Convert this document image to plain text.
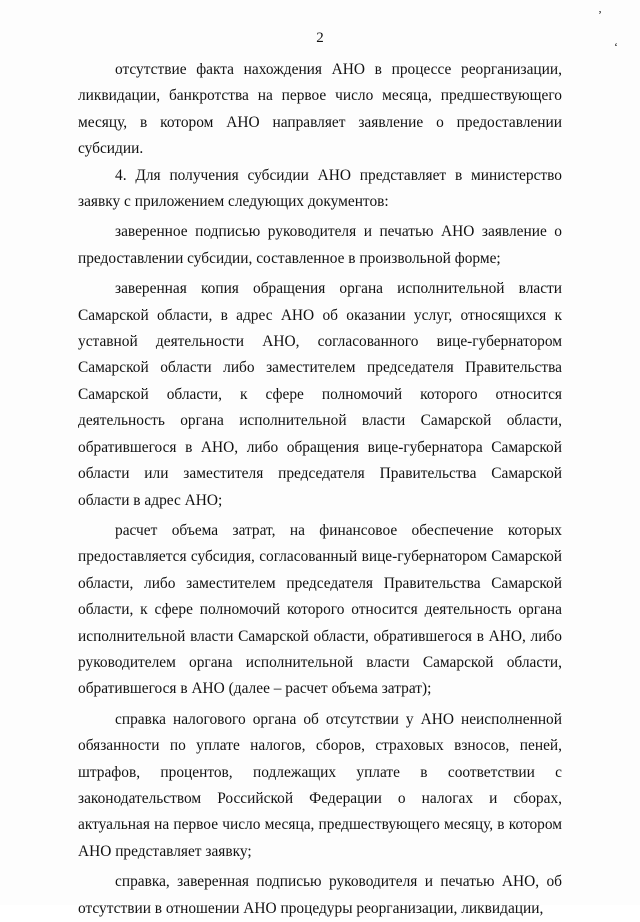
ʼ
ʻ
2

отсутствие факта нахождения АНО в процессе реорганизации, ликвидации, банкротства на первое число месяца, предшествующего месяцу, в котором АНО направляет заявление о предоставлении субсидии.

4. Для получения субсидии АНО представляет в министерство заявку с приложением следующих документов:

заверенное подписью руководителя и печатью АНО заявление о предоставлении субсидии, составленное в произвольной форме;

заверенная копия обращения органа исполнительной власти Самарской области, в адрес АНО об оказании услуг, относящихся к уставной деятельности АНО, согласованного вице-губернатором Самарской области либо заместителем председателя Правительства Самарской области, к сфере полномочий которого относится деятельность органа исполнительной власти Самарской области, обратившегося в АНО, либо обращения вице-губернатора Самарской области или заместителя председателя Правительства Самарской области в адрес АНО;

расчет объема затрат, на финансовое обеспечение которых предоставляется субсидия, согласованный вице-губернатором Самарской области, либо заместителем председателя Правительства Самарской области, к сфере полномочий которого относится деятельность органа исполнительной власти Самарской области, обратившегося в АНО, либо руководителем органа исполнительной власти Самарской области, обратившегося в АНО (далее – расчет объема затрат);

справка налогового органа об отсутствии у АНО неисполненной обязанности по уплате налогов, сборов, страховых взносов, пеней, штрафов, процентов, подлежащих уплате в соответствии с законодательством Российской Федерации о налогах и сборах, актуальная на первое число месяца, предшествующего месяцу, в котором АНО представляет заявку;

справка, заверенная подписью руководителя и печатью АНО, об отсутствии в отношении АНО процедуры реорганизации, ликвидации,
